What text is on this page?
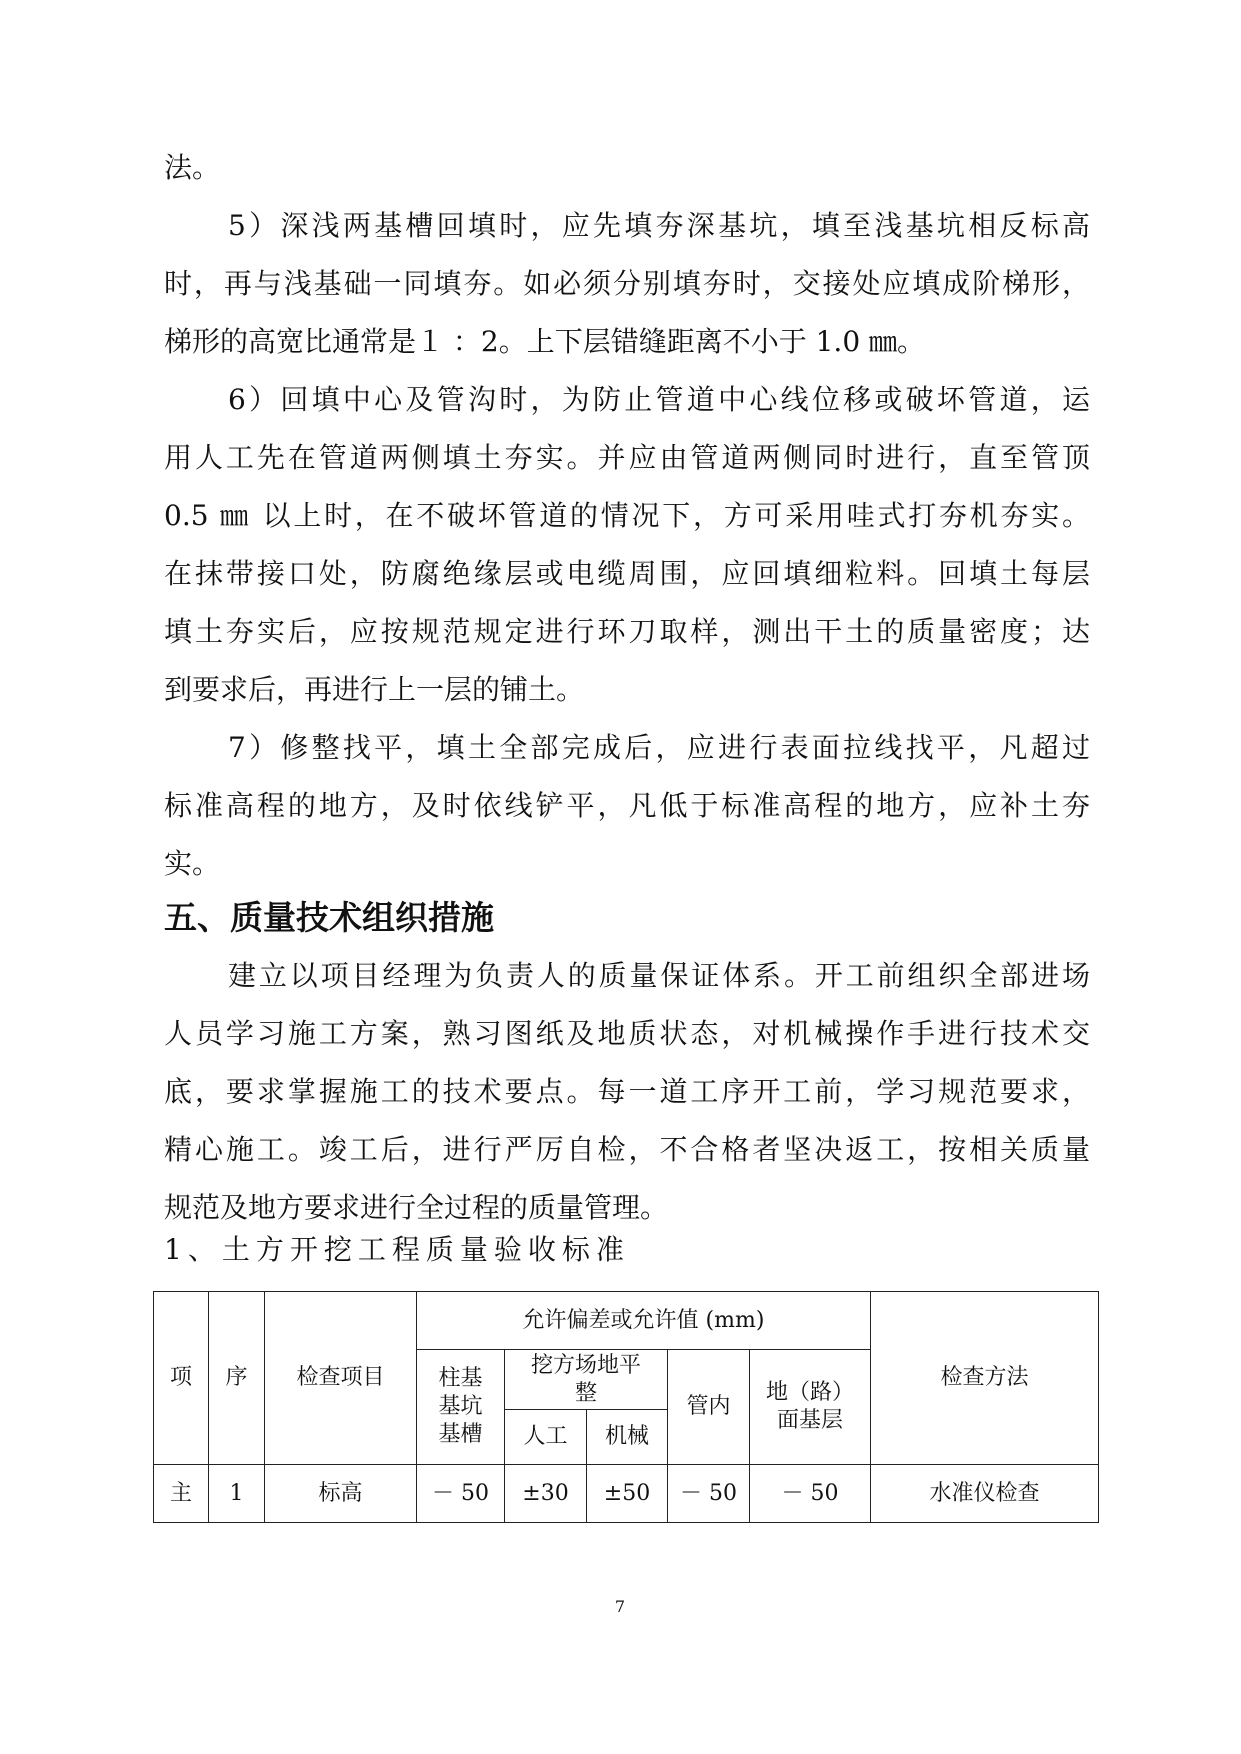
法。
5）深浅两基槽回填时，应先填夯深基坑，填至浅基坑相反标高
时，再与浅基础一同填夯。如必须分别填夯时，交接处应填成阶梯形，
梯形的高宽比通常是１ ：2。上下层错缝距离不小于 1.0 ㎜。
6）回填中心及管沟时，为防止管道中心线位移或破坏管道，运
用人工先在管道两侧填土夯实。并应由管道两侧同时进行，直至管顶
0.5 ㎜ 以上时，在不破坏管道的情况下，方可采用哇式打夯机夯实。
在抹带接口处，防腐绝缘层或电缆周围，应回填细粒料。回填土每层
填土夯实后，应按规范规定进行环刀取样，测出干土的质量密度；达
到要求后，再进行上一层的铺土。
7）修整找平，填土全部完成后，应进行表面拉线找平，凡超过
标准高程的地方，及时依线铲平，凡低于标准高程的地方，应补土夯
实。
五、质量技术组织措施
建立以项目经理为负责人的质量保证体系。开工前组织全部进场
人员学习施工方案，熟习图纸及地质状态，对机械操作手进行技术交
底，要求掌握施工的技术要点。每一道工序开工前，学习规范要求，
精心施工。竣工后，进行严厉自检，不合格者坚决返工，按相关质量
规范及地方要求进行全过程的质量管理。
1、土方开挖工程质量验收标准
项	序	检查项目	允许偏差或允许值 (mm)					检查方法
			柱基
基坑
基槽	挖方场地平
整		管内	地（路）
面基层	
				人工	机械			
主	1	标高	－ 50	±30	±50	－ 50	－ 50	水准仪检查
7
